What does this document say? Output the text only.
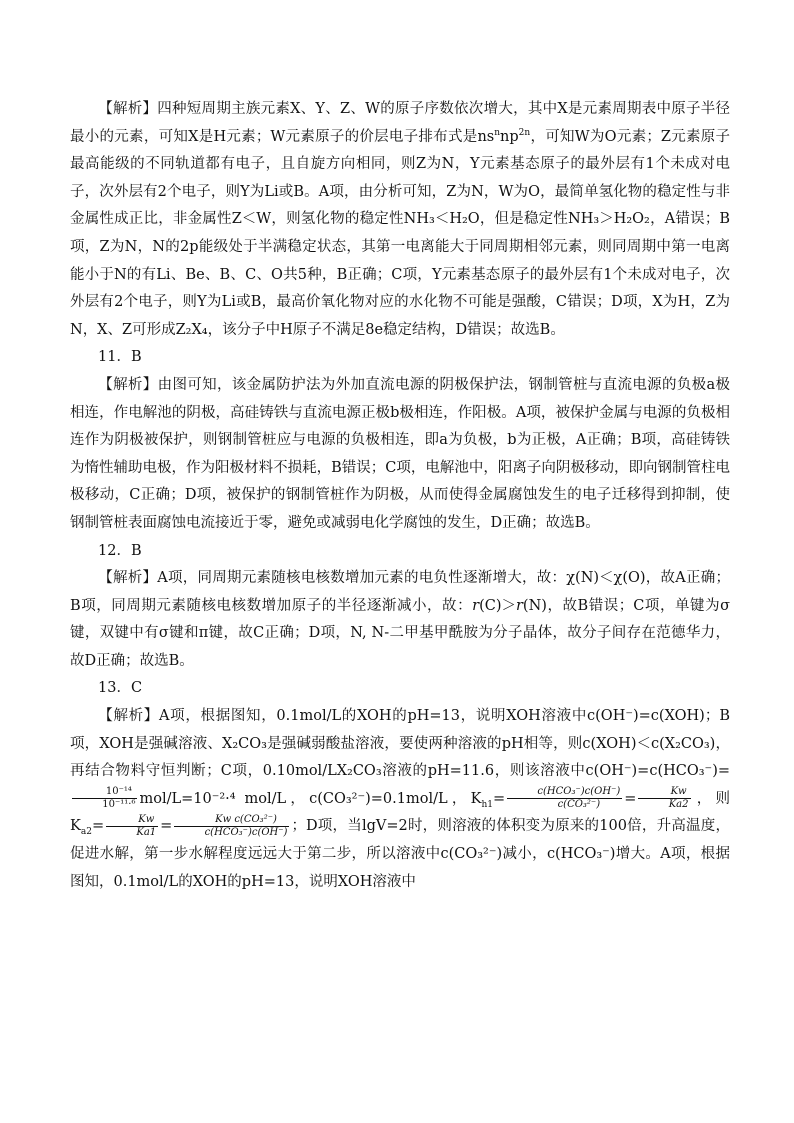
【解析】四种短周期主族元素X、Y、Z、W的原子序数依次增大，其中X是元素周期表中原子半径最小的元素，可知X是H元素；W元素原子的价层电子排布式是$ns^nnp^{2n}$，可知W为O元素；Z元素原子最高能级的不同轨道都有电子，且自旋方向相同，则Z为N，Y元素基态原子的最外层有1个未成对电子，次外层有2个电子，则Y为Li或B。A项，由分析可知，Z为N，W为O，最简单氢化物的稳定性与非金属性成正比，非金属性Z＜W，则氢化物的稳定性NH₃＜H₂O，但是稳定性NH₃＞H₂O₂，A错误；B项，Z为N，N的2p能级处于半满稳定状态，其第一电离能大于同周期相邻元素，则同周期中第一电离能小于N的有Li、Be、B、C、O共5种，B正确；C项，Y元素基态原子的最外层有1个未成对电子，次外层有2个电子，则Y为Li或B，最高价氧化物对应的水化物不可能是强酸，C错误；D项，X为H，Z为N，X、Z可形成Z₂X₄，该分子中H原子不满足8e稳定结构，D错误；故选B。

11．B

【解析】由图可知，该金属防护法为外加直流电源的阴极保护法，钢制管桩与直流电源的负极a极相连，作电解池的阴极，高硅铸铁与直流电源正极b极相连，作阳极。A项，被保护金属与电源的负极相连作为阴极被保护，则钢制管桩应与电源的负极相连，即a为负极，b为正极，A正确；B项，高硅铸铁为惰性辅助电极，作为阳极材料不损耗，B错误；C项，电解池中，阳离子向阴极移动，即向钢制管柱电极移动，C正确；D项，被保护的钢制管桩作为阴极，从而使得金属腐蚀发生的电子迁移得到抑制，使钢制管桩表面腐蚀电流接近于零，避免或减弱电化学腐蚀的发生，D正确；故选B。

12．B

【解析】A项，同周期元素随核电核数增加元素的电负性逐渐增大，故：χ(N)＜χ(O)，故A正确；B项，同周期元素随核电核数增加原子的半径逐渐减小，故：r(C)＞r(N)，故B错误；C项，单键为σ键，双键中有σ键和π键，故C正确；D项，N, N-二甲基甲酰胺为分子晶体，故分子间存在范德华力，故D正确；故选B。

13．C

【解析】A项，根据图知，0.1mol/L的XOH的pH=13，说明XOH溶液中c(OH⁻)=c(XOH)；B项，XOH是强碱溶液、X₂CO₃是强碱弱酸盐溶液，要使两种溶液的pH相等，则c(XOH)＜c(X₂CO₃)，再结合物料守恒判断；C项，0.10mol/LX₂CO₃溶液的pH=11.6，则该溶液中c(OH⁻)=c(HCO₃⁻)=
$\frac{\text{10⁻¹⁴}}{\text{10⁻¹¹·⁶}} mol/L=10^{-2}\cdot^4$ mol/L，c(CO₃²⁻)=0.1mol/L，$K_{h1}= \frac{\text{c(HCO₃⁻)c(OH⁻)}}{\text{c(CO₃²⁻)}} = \frac{Kw}{Ka2}$ ，则$K_{a2}= \frac{Kw}{Ka1} = \frac{\text{Kw c(CO₃²⁻)}}{\text{c(HCO₃⁻)c(OH⁻)}}$ ；D项，当lgV=2时，则溶液的体积变为原来的100倍，升高温度，促进水解，第一步水解程度远远大于第二步，所以溶液中c(CO₃²⁻)减小，c(HCO₃⁻)增大。A项，根据图知，0.1mol/L的XOH的pH=13，说明XOH溶液中
